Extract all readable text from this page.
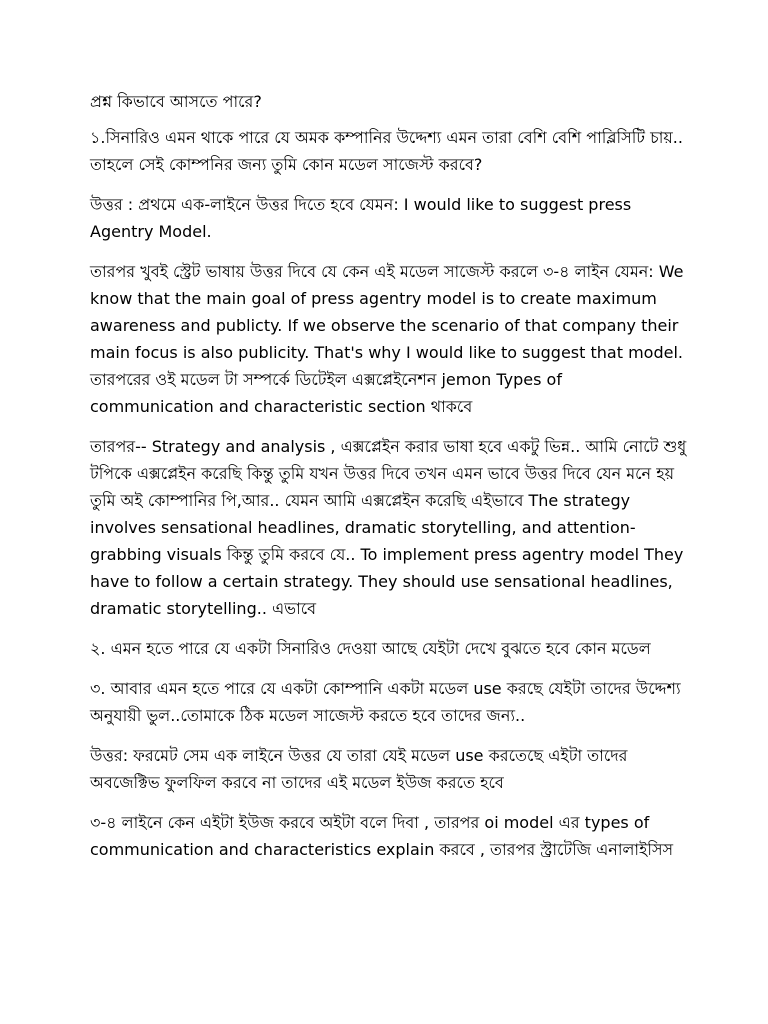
প্রশ্ন কিভাবে আসতে পারে?

১.সিনারিও এমন থাকে পারে যে অমক কম্পানির উদ্দেশ্য এমন তারা বেশি বেশি পাব্লিসিটি চায়.. তাহলে সেই কোম্পনির জন্য তুমি কোন মডেল সাজেস্ট করবে?

উত্তর : প্রথমে এক-লাইনে উত্তর দিতে হবে যেমন: I would like to suggest press Agentry Model.

তারপর খুবই স্ট্রেট ভাষায় উত্তর দিবে যে কেন এই মডেল সাজেস্ট করলে ৩-৪ লাইন যেমন: We know that the main goal of press agentry model is to create maximum awareness and publicty. If we observe the scenario of that company their main focus is also publicity. That's why I would like to suggest that model.

তারপরের ওই মডেল টা সম্পর্কে ডিটেইল এক্সপ্লেইনেশন jemon Types of communication and characteristic section থাকবে

তারপর-- Strategy and analysis , এক্সপ্লেইন করার ভাষা হবে একটু ভিন্ন.. আমি নোটে শুধু টপিকে এক্সপ্লেইন করেছি কিন্তু তুমি যখন উত্তর দিবে তখন এমন ভাবে উত্তর দিবে যেন মনে হয় তুমি অই কোম্পানির পি,আর.. যেমন আমি এক্সপ্লেইন করেছি এইভাবে The strategy involves sensational headlines, dramatic storytelling, and attention-grabbing visuals কিন্তু তুমি করবে যে.. To implement press agentry model They have to follow a certain strategy. They should use sensational headlines, dramatic storytelling.. এভাবে

২. এমন হতে পারে যে একটা সিনারিও দেওয়া আছে যেইটা দেখে বুঝতে হবে কোন মডেল

৩. আবার এমন হতে পারে যে একটা কোম্পানি একটা মডেল use করছে যেইটা তাদের উদ্দেশ্য অনুযায়ী ভুল..তোমাকে ঠিক মডেল সাজেস্ট করতে হবে তাদের জন্য..

উত্তর: ফরমেট সেম এক লাইনে উত্তর যে তারা যেই মডেল use করতেছে এইটা তাদের অবজেক্টিভ ফুলফিল করবে না তাদের এই মডেল ইউজ করতে হবে

৩-৪ লাইনে কেন এইটা ইউজ করবে অইটা বলে দিবা , তারপর oi model এর types of communication and characteristics explain করবে , তারপর স্ট্রাটেজি এনালাইসিস
